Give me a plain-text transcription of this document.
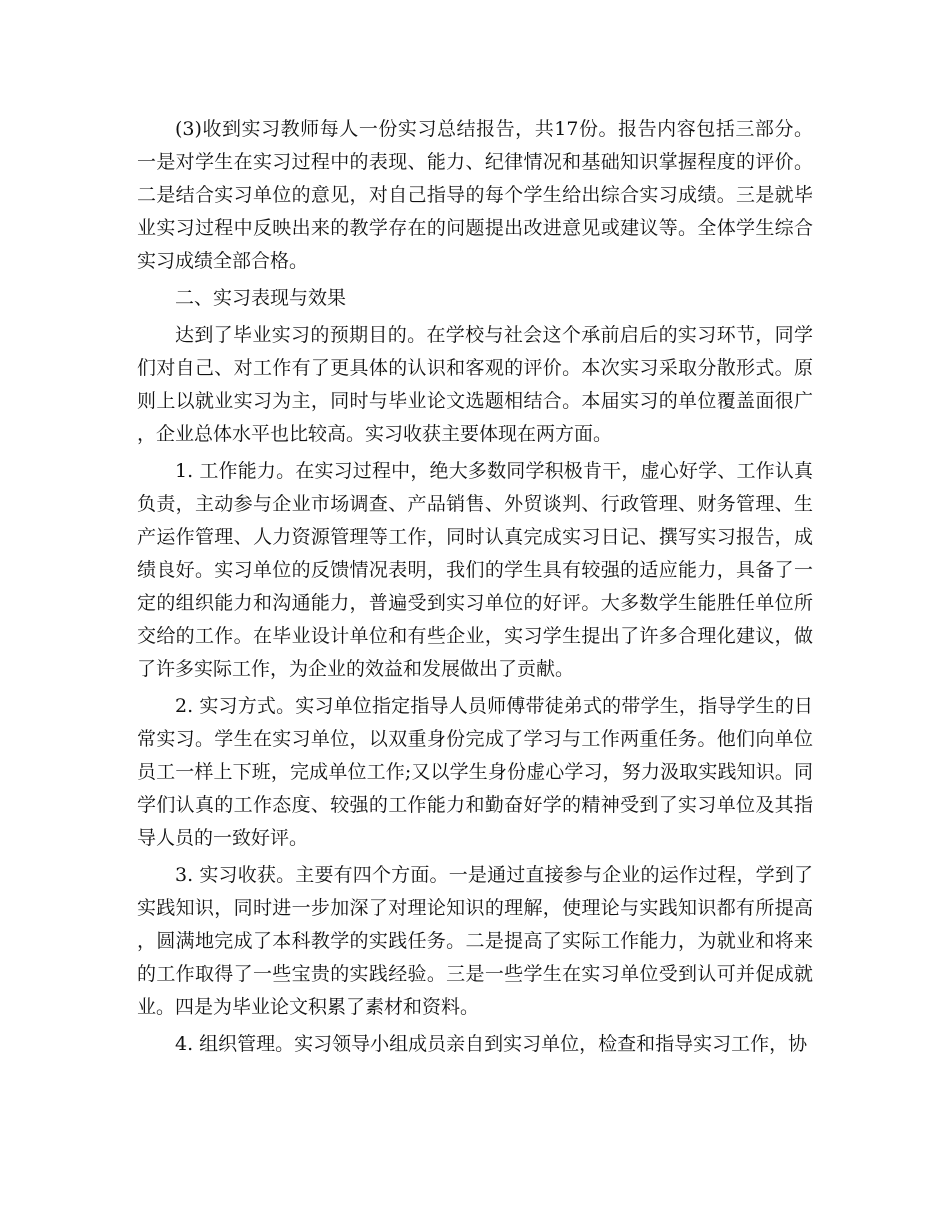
(3)收到实习教师每人一份实习总结报告，共17份。报告内容包括三部分。一是对学生在实习过程中的表现、能力、纪律情况和基础知识掌握程度的评价。二是结合实习单位的意见，对自己指导的每个学生给出综合实习成绩。三是就毕业实习过程中反映出来的教学存在的问题提出改进意见或建议等。全体学生综合实习成绩全部合格。

二、实习表现与效果

达到了毕业实习的预期目的。在学校与社会这个承前启后的实习环节，同学们对自己、对工作有了更具体的认识和客观的评价。本次实习采取分散形式。原则上以就业实习为主，同时与毕业论文选题相结合。本届实习的单位覆盖面很广，企业总体水平也比较高。实习收获主要体现在两方面。

1. 工作能力。在实习过程中，绝大多数同学积极肯干，虚心好学、工作认真负责，主动参与企业市场调查、产品销售、外贸谈判、行政管理、财务管理、生产运作管理、人力资源管理等工作，同时认真完成实习日记、撰写实习报告，成绩良好。实习单位的反馈情况表明，我们的学生具有较强的适应能力，具备了一定的组织能力和沟通能力，普遍受到实习单位的好评。大多数学生能胜任单位所交给的工作。在毕业设计单位和有些企业，实习学生提出了许多合理化建议，做了许多实际工作，为企业的效益和发展做出了贡献。

2. 实习方式。实习单位指定指导人员师傅带徒弟式的带学生，指导学生的日常实习。学生在实习单位，以双重身份完成了学习与工作两重任务。他们向单位员工一样上下班，完成单位工作;又以学生身份虚心学习，努力汲取实践知识。同学们认真的工作态度、较强的工作能力和勤奋好学的精神受到了实习单位及其指导人员的一致好评。

3. 实习收获。主要有四个方面。一是通过直接参与企业的运作过程，学到了实践知识，同时进一步加深了对理论知识的理解，使理论与实践知识都有所提高，圆满地完成了本科教学的实践任务。二是提高了实际工作能力，为就业和将来的工作取得了一些宝贵的实践经验。三是一些学生在实习单位受到认可并促成就业。四是为毕业论文积累了素材和资料。

4. 组织管理。实习领导小组成员亲自到实习单位，检查和指导实习工作，协
